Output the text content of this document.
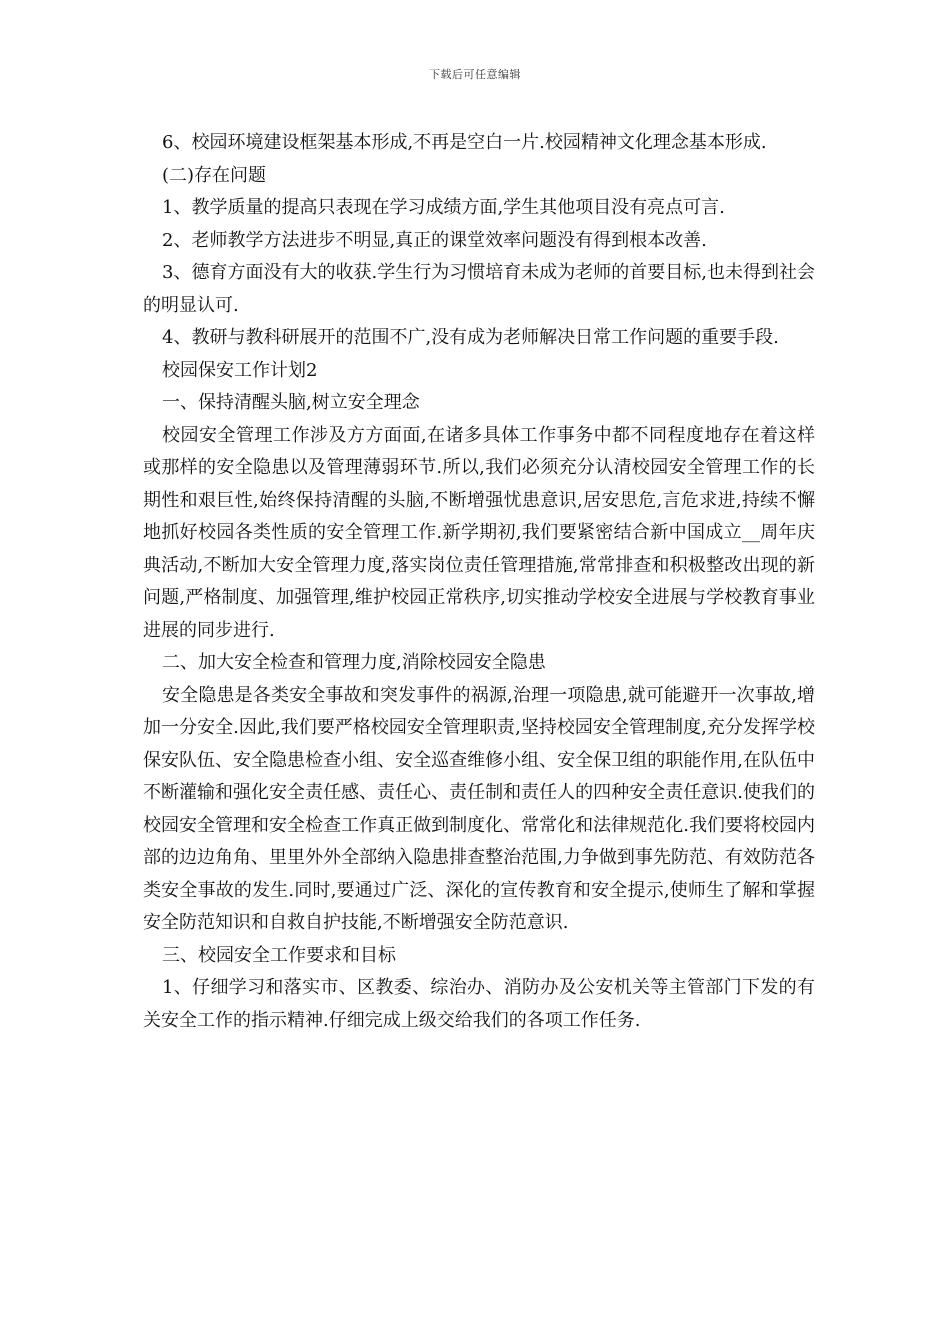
下载后可任意编辑

6、校园环境建设框架基本形成,不再是空白一片.校园精神文化理念基本形成.

(二)存在问题

1、教学质量的提高只表现在学习成绩方面,学生其他项目没有亮点可言.

2、老师教学方法进步不明显,真正的课堂效率问题没有得到根本改善.

3、德育方面没有大的收获.学生行为习惯培育未成为老师的首要目标,也未得到社会的明显认可.

4、教研与教科研展开的范围不广,没有成为老师解决日常工作问题的重要手段.

校园保安工作计划2

一、保持清醒头脑,树立安全理念

校园安全管理工作涉及方方面面,在诸多具体工作事务中都不同程度地存在着这样或那样的安全隐患以及管理薄弱环节.所以,我们必须充分认清校园安全管理工作的长期性和艰巨性,始终保持清醒的头脑,不断增强忧患意识,居安思危,言危求进,持续不懈地抓好校园各类性质的安全管理工作.新学期初,我们要紧密结合新中国成立__周年庆典活动,不断加大安全管理力度,落实岗位责任管理措施,常常排查和积极整改出现的新问题,严格制度、加强管理,维护校园正常秩序,切实推动学校安全进展与学校教育事业进展的同步进行.

二、加大安全检查和管理力度,消除校园安全隐患

安全隐患是各类安全事故和突发事件的祸源,治理一项隐患,就可能避开一次事故,增加一分安全.因此,我们要严格校园安全管理职责,坚持校园安全管理制度,充分发挥学校保安队伍、安全隐患检查小组、安全巡查维修小组、安全保卫组的职能作用,在队伍中不断灌输和强化安全责任感、责任心、责任制和责任人的四种安全责任意识.使我们的校园安全管理和安全检查工作真正做到制度化、常常化和法律规范化.我们要将校园内部的边边角角、里里外外全部纳入隐患排查整治范围,力争做到事先防范、有效防范各类安全事故的发生.同时,要通过广泛、深化的宣传教育和安全提示,使师生了解和掌握安全防范知识和自救自护技能,不断增强安全防范意识.

三、校园安全工作要求和目标

1、仔细学习和落实市、区教委、综治办、消防办及公安机关等主管部门下发的有关安全工作的指示精神.仔细完成上级交给我们的各项工作任务.
